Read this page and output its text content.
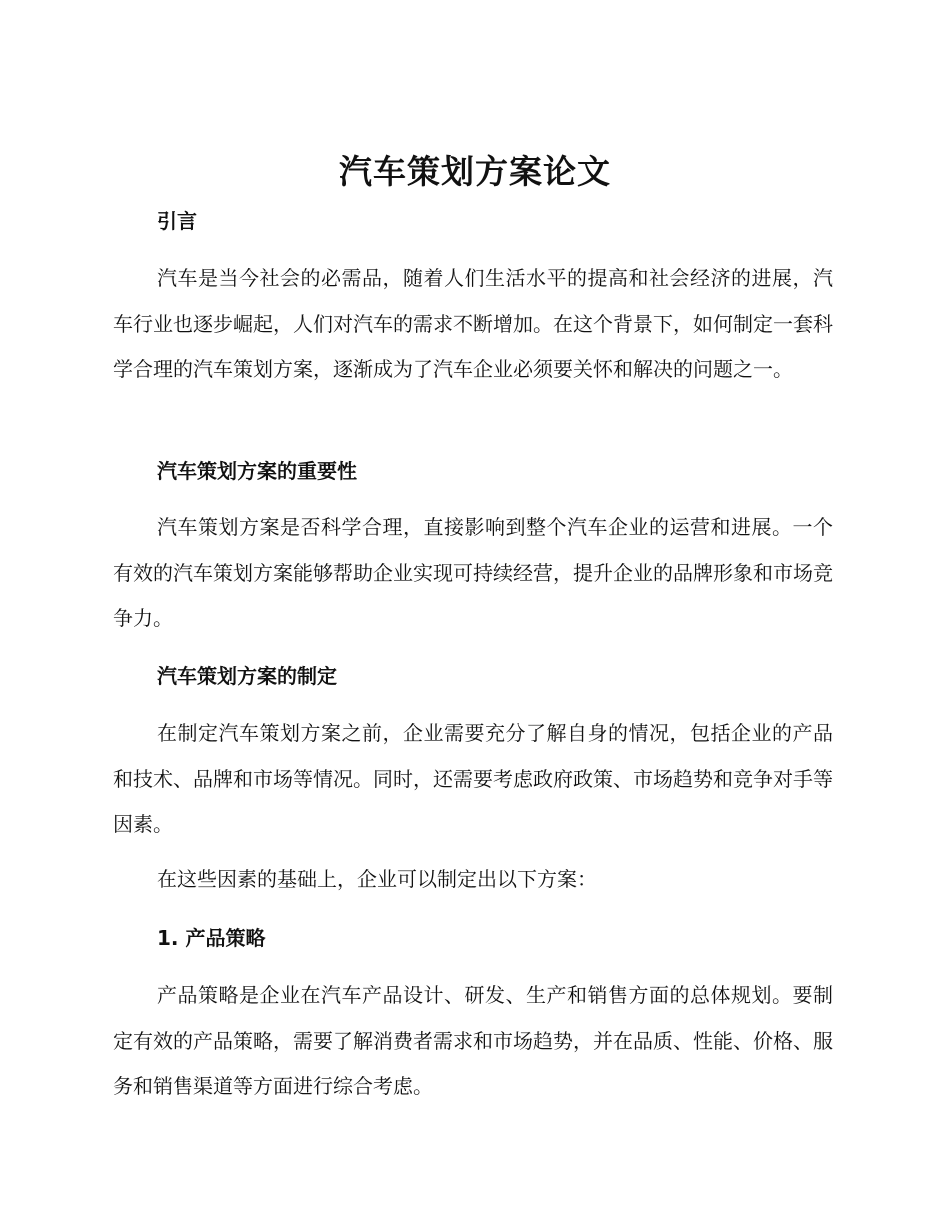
汽车策划方案论文
引言

汽车是当今社会的必需品，随着人们生活水平的提高和社会经济的进展，汽车行业也逐步崛起，人们对汽车的需求不断增加。在这个背景下，如何制定一套科学合理的汽车策划方案，逐渐成为了汽车企业必须要关怀和解决的问题之一。

汽车策划方案的重要性

汽车策划方案是否科学合理，直接影响到整个汽车企业的运营和进展。一个有效的汽车策划方案能够帮助企业实现可持续经营，提升企业的品牌形象和市场竞争力。

汽车策划方案的制定

在制定汽车策划方案之前，企业需要充分了解自身的情况，包括企业的产品和技术、品牌和市场等情况。同时，还需要考虑政府政策、市场趋势和竞争对手等因素。

在这些因素的基础上，企业可以制定出以下方案：

1. 产品策略

产品策略是企业在汽车产品设计、研发、生产和销售方面的总体规划。要制定有效的产品策略，需要了解消费者需求和市场趋势，并在品质、性能、价格、服务和销售渠道等方面进行综合考虑。
